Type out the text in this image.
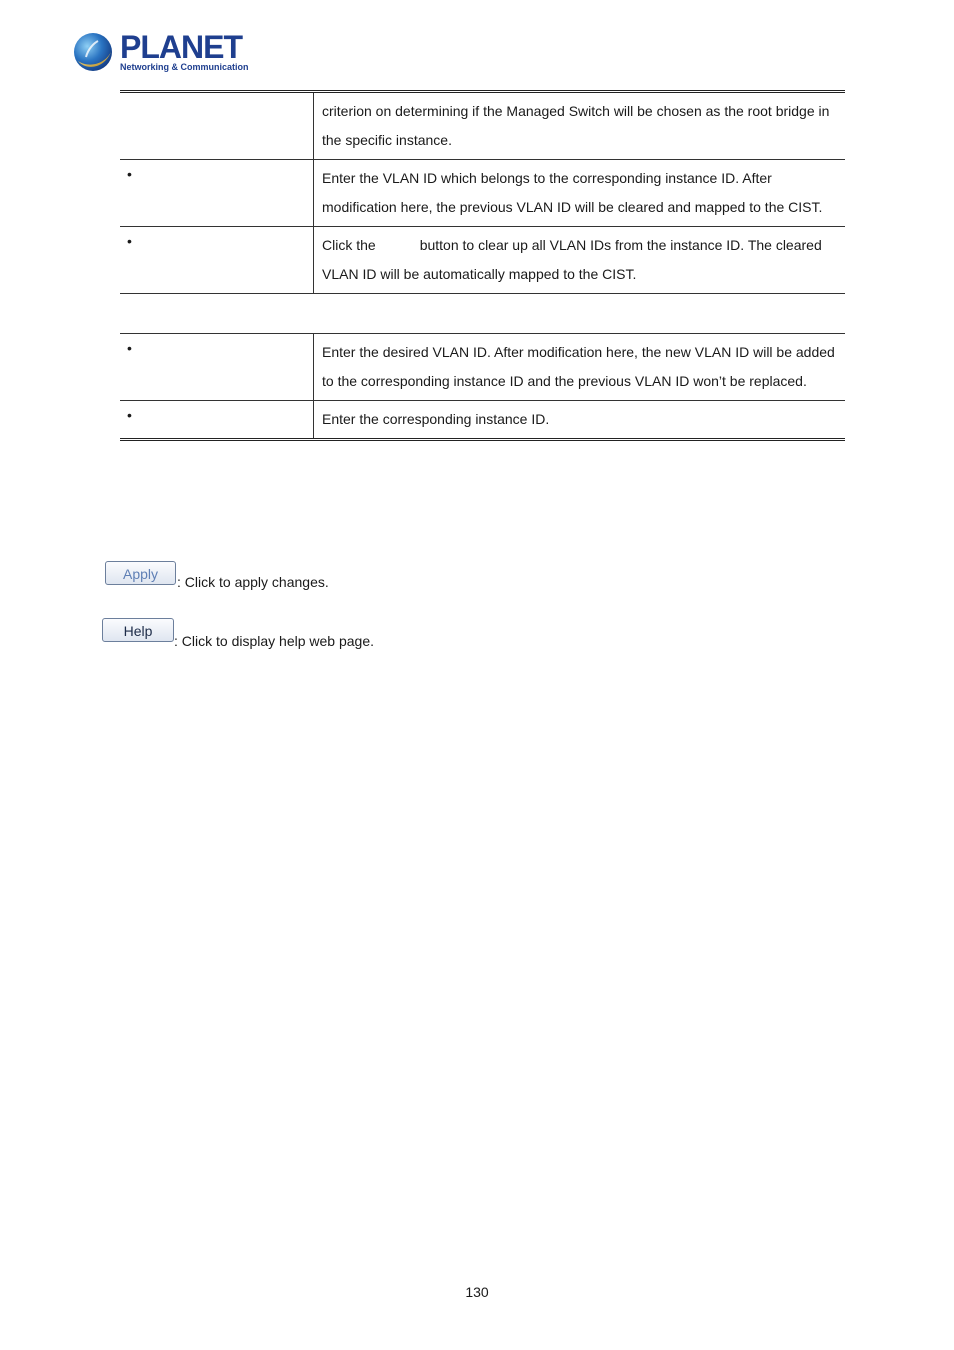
PLANET
Networking & Communication
criterion on determining if the Managed Switch will be chosen as the root bridge in the specific instance.
•	Enter the VLAN ID which belongs to the corresponding instance ID. After modification here, the previous VLAN ID will be cleared and mapped to the CIST.
•	Click the	button to clear up all VLAN IDs from the instance ID. The cleared VLAN ID will be automatically mapped to the CIST.
•	Enter the desired VLAN ID. After modification here, the new VLAN ID will be added to the corresponding instance ID and the previous VLAN ID won’t be replaced.
•	Enter the corresponding instance ID.
Apply	: Click to apply changes.
Help
: Click to display help web page.
130
